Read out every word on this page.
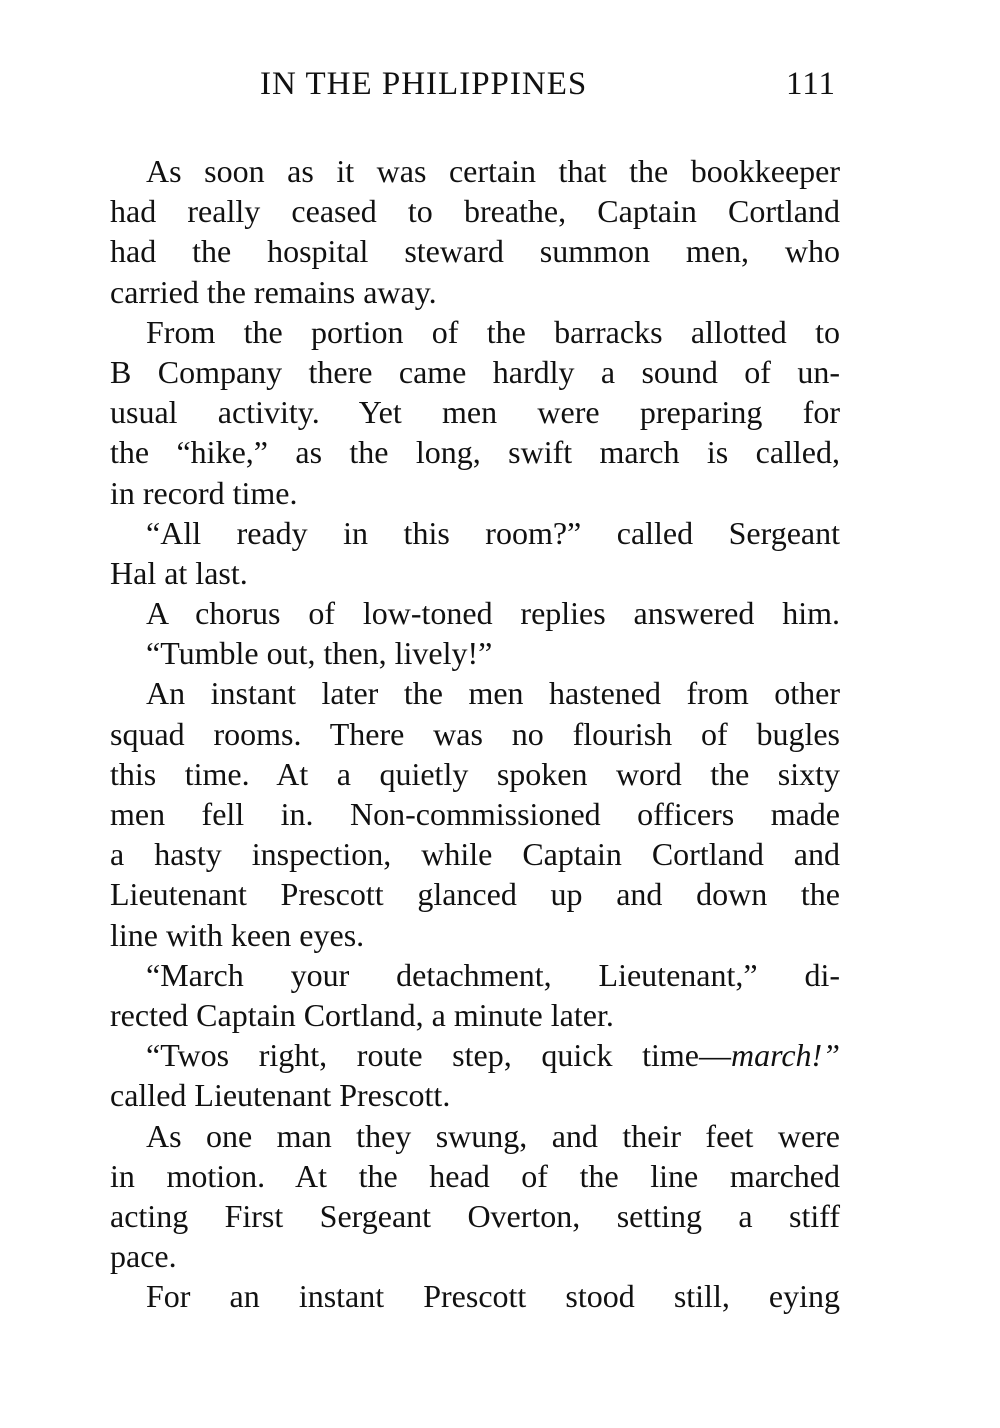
IN THE PHILIPPINES	111
As soon as it was certain that the bookkeeper
had really ceased to breathe, Captain Cortland
had the hospital steward summon men, who
carried the remains away.
From the portion of the barracks allotted to
B Company there came hardly a sound of un-
usual activity. Yet men were preparing for
the “hike,” as the long, swift march is called,
in record time.
“All ready in this room?” called Sergeant
Hal at last.
A chorus of low-toned replies answered him.
“Tumble out, then, lively!”
An instant later the men hastened from other
squad rooms. There was no flourish of bugles
this time. At a quietly spoken word the sixty
men fell in. Non-commissioned officers made
a hasty inspection, while Captain Cortland and
Lieutenant Prescott glanced up and down the
line with keen eyes.
“March your detachment, Lieutenant,” di-
rected Captain Cortland, a minute later.
“Twos right, route step, quick time—march!”
called Lieutenant Prescott.
As one man they swung, and their feet were
in motion. At the head of the line marched
acting First Sergeant Overton, setting a stiff
pace.
For an instant Prescott stood still, eying
